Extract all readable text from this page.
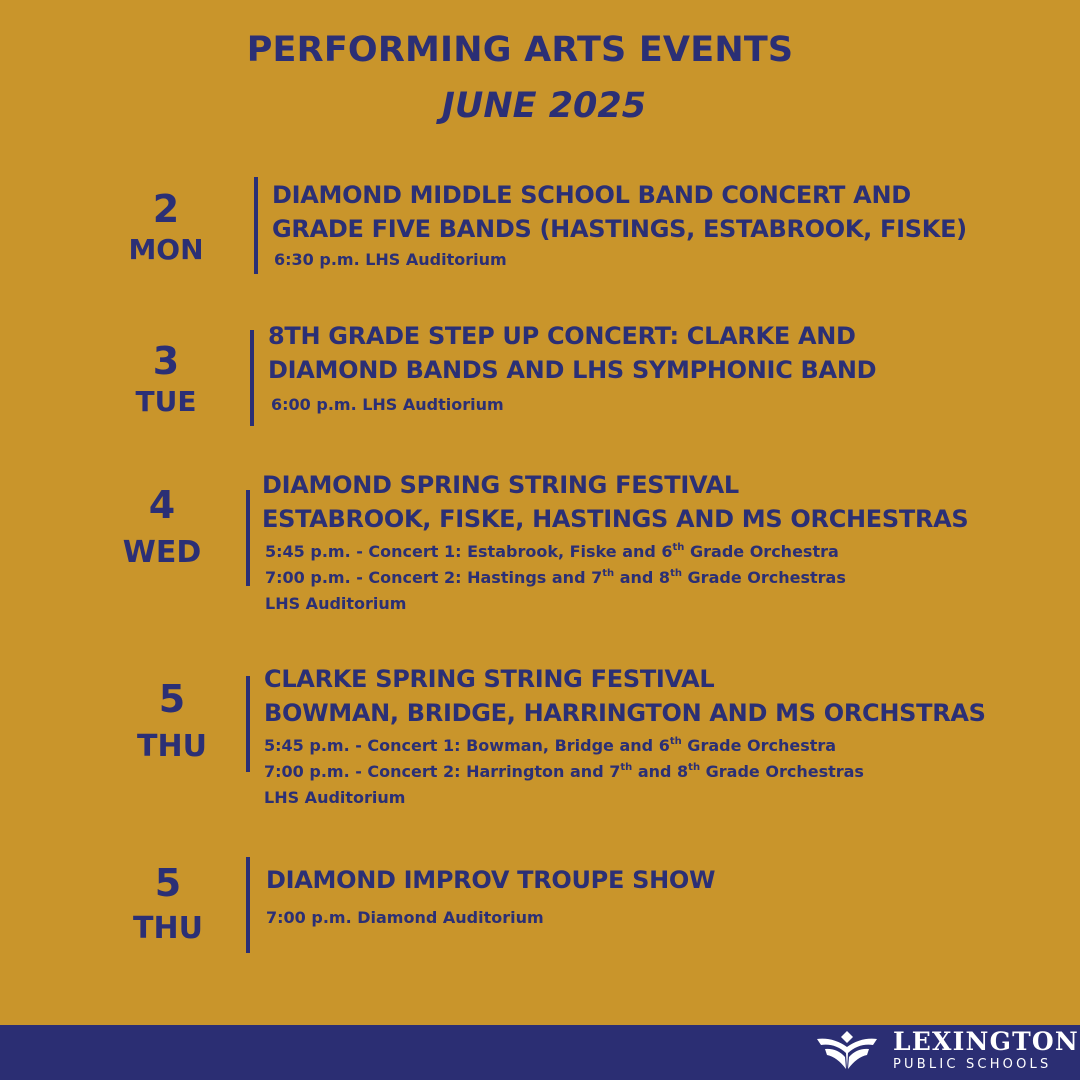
PERFORMING ARTS EVENTS
JUNE 2025
2
MON
DIAMOND MIDDLE SCHOOL BAND CONCERT AND
GRADE FIVE BANDS (HASTINGS, ESTABROOK, FISKE)
6:30 p.m. LHS Auditorium
3
TUE
8TH GRADE STEP UP CONCERT: CLARKE AND
DIAMOND BANDS AND LHS SYMPHONIC BAND
6:00 p.m. LHS Audtiorium
4
WED
DIAMOND SPRING STRING FESTIVAL
ESTABROOK, FISKE, HASTINGS AND MS ORCHESTRAS
5:45 p.m. - Concert 1: Estabrook, Fiske and 6th Grade Orchestra
7:00 p.m. - Concert 2: Hastings and 7th and 8th Grade Orchestras
LHS Auditorium
5
THU
CLARKE SPRING STRING FESTIVAL
BOWMAN, BRIDGE, HARRINGTON AND MS ORCHSTRAS
5:45 p.m. - Concert 1: Bowman, Bridge and 6th Grade Orchestra
7:00 p.m. - Concert 2: Harrington and 7th and 8th Grade Orchestras
LHS Auditorium
5
THU
DIAMOND IMPROV TROUPE SHOW
7:00 p.m. Diamond Auditorium
LEXINGTON
PUBLIC SCHOOLS
